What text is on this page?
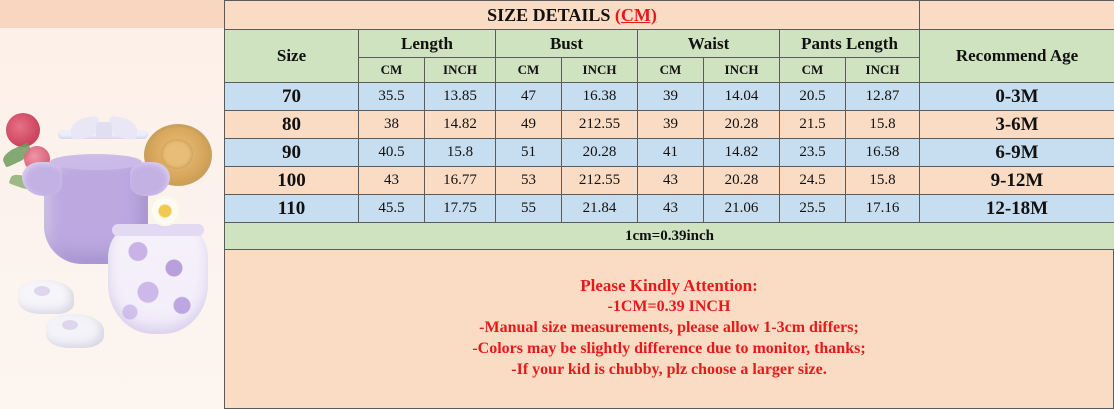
SIZE DETAILS (CM)									
Size	Length		Bust		Waist		Pants Length		Recommend Age
	CM	INCH	CM	INCH	CM	INCH	CM	INCH	
70	35.5	13.85	47	16.38	39	14.04	20.5	12.87	0-3M
80	38	14.82	49	212.55	39	20.28	21.5	15.8	3-6M
90	40.5	15.8	51	20.28	41	14.82	23.5	16.58	6-9M
100	43	16.77	53	212.55	43	20.28	24.5	15.8	9-12M
110	45.5	17.75	55	21.84	43	21.06	25.5	17.16	12-18M
1cm=0.39inch									
Please Kindly Attention:
-1CM=0.39 INCH
-Manual size measurements, please allow 1-3cm differs;
-Colors may be slightly difference due to monitor, thanks;
-If your kid is chubby, plz choose a larger size.
